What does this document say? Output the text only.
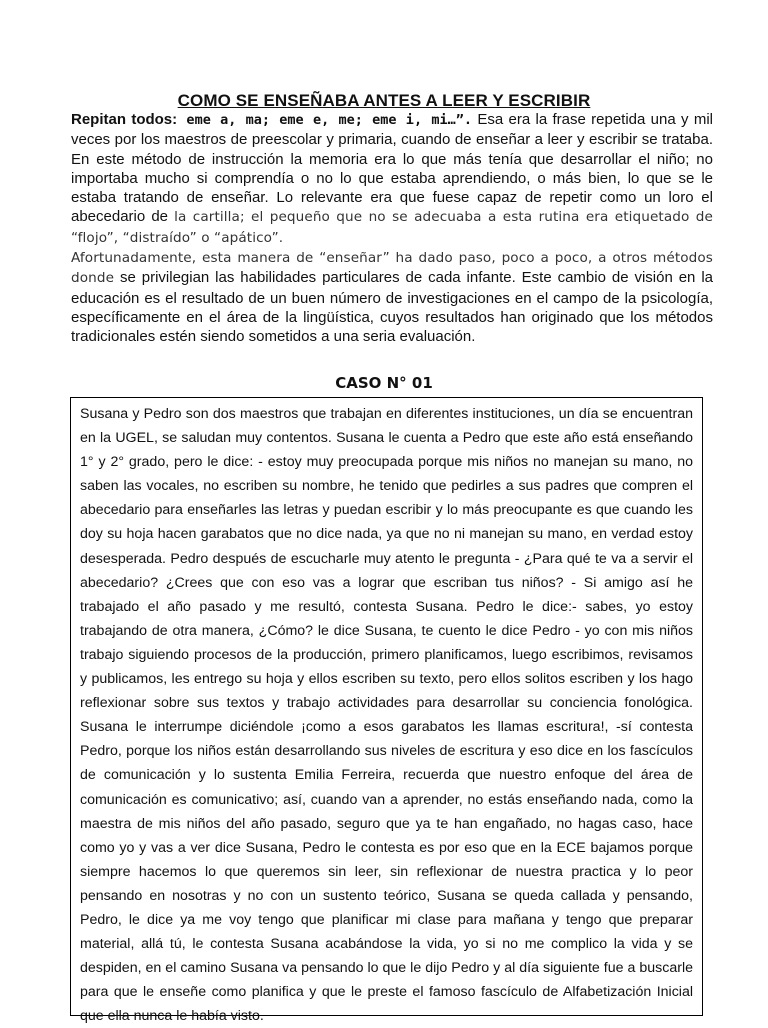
COMO SE ENSEÑABA ANTES A LEER Y ESCRIBIR

Repitan todos: eme a, ma; eme e, me; eme i, mi…”. Esa era la frase repetida una y mil veces por los maestros de preescolar y primaria, cuando de enseñar a leer y escribir se trataba. En este método de instrucción la memoria era lo que más tenía que desarrollar el niño; no importaba mucho si comprendía o no lo que estaba aprendiendo, o más bien, lo que se le estaba tratando de enseñar. Lo relevante era que fuese capaz de repetir como un loro el abecedario de la cartilla; el pequeño que no se adecuaba a esta rutina era etiquetado de “flojo”, “distraído” o “apático”.

Afortunadamente, esta manera de “enseñar” ha dado paso, poco a poco, a otros métodos donde se privilegian las habilidades particulares de cada infante. Este cambio de visión en la educación es el resultado de un buen número de investigaciones en el campo de la psicología, específicamente en el área de la lingüística, cuyos resultados han originado que los métodos tradicionales estén siendo sometidos a una seria evaluación.

CASO N° 01

Susana y Pedro son dos maestros que trabajan en diferentes instituciones, un día se encuentran en la UGEL, se saludan muy contentos. Susana le cuenta a Pedro que este año está enseñando 1° y 2° grado, pero le dice: - estoy muy preocupada porque mis niños no manejan su mano, no saben las vocales, no escriben su nombre, he tenido que pedirles a sus padres que compren el abecedario para enseñarles las letras y puedan escribir y lo más preocupante es que cuando les doy su hoja hacen garabatos que no dice nada, ya que no ni manejan su mano, en verdad estoy desesperada. Pedro después de escucharle muy atento le pregunta - ¿Para qué te va a servir el abecedario? ¿Crees que con eso vas a lograr que escriban tus niños? - Si amigo así he trabajado el año pasado y me resultó, contesta Susana. Pedro le dice:- sabes, yo estoy trabajando de otra manera, ¿Cómo? le dice Susana, te cuento le dice Pedro - yo con mis niños trabajo siguiendo procesos de la producción, primero planificamos, luego escribimos, revisamos y publicamos, les entrego su hoja y ellos escriben su texto, pero ellos solitos escriben y los hago reflexionar sobre sus textos y trabajo actividades para desarrollar su conciencia fonológica. Susana le interrumpe diciéndole ¡como a esos garabatos les llamas escritura!, -sí contesta Pedro, porque los niños están desarrollando sus niveles de escritura y eso dice en los fascículos de comunicación y lo sustenta Emilia Ferreira, recuerda que nuestro enfoque del área de comunicación es comunicativo; así, cuando van a aprender, no estás enseñando nada, como la maestra de mis niños del año pasado, seguro que ya te han engañado, no hagas caso, hace como yo y vas a ver dice Susana, Pedro le contesta es por eso que en la ECE bajamos porque siempre hacemos lo que queremos sin leer, sin reflexionar de nuestra practica y lo peor pensando en nosotras y no con un sustento teórico, Susana se queda callada y pensando, Pedro, le dice ya me voy tengo que planificar mi clase para mañana y tengo que preparar material, allá tú, le contesta Susana acabándose la vida, yo si no me complico la vida y se despiden, en el camino Susana va pensando lo que le dijo Pedro y al día siguiente fue a buscarle para que le enseñe como planifica y que le preste el famoso fascículo de Alfabetización Inicial que ella nunca le había visto.
